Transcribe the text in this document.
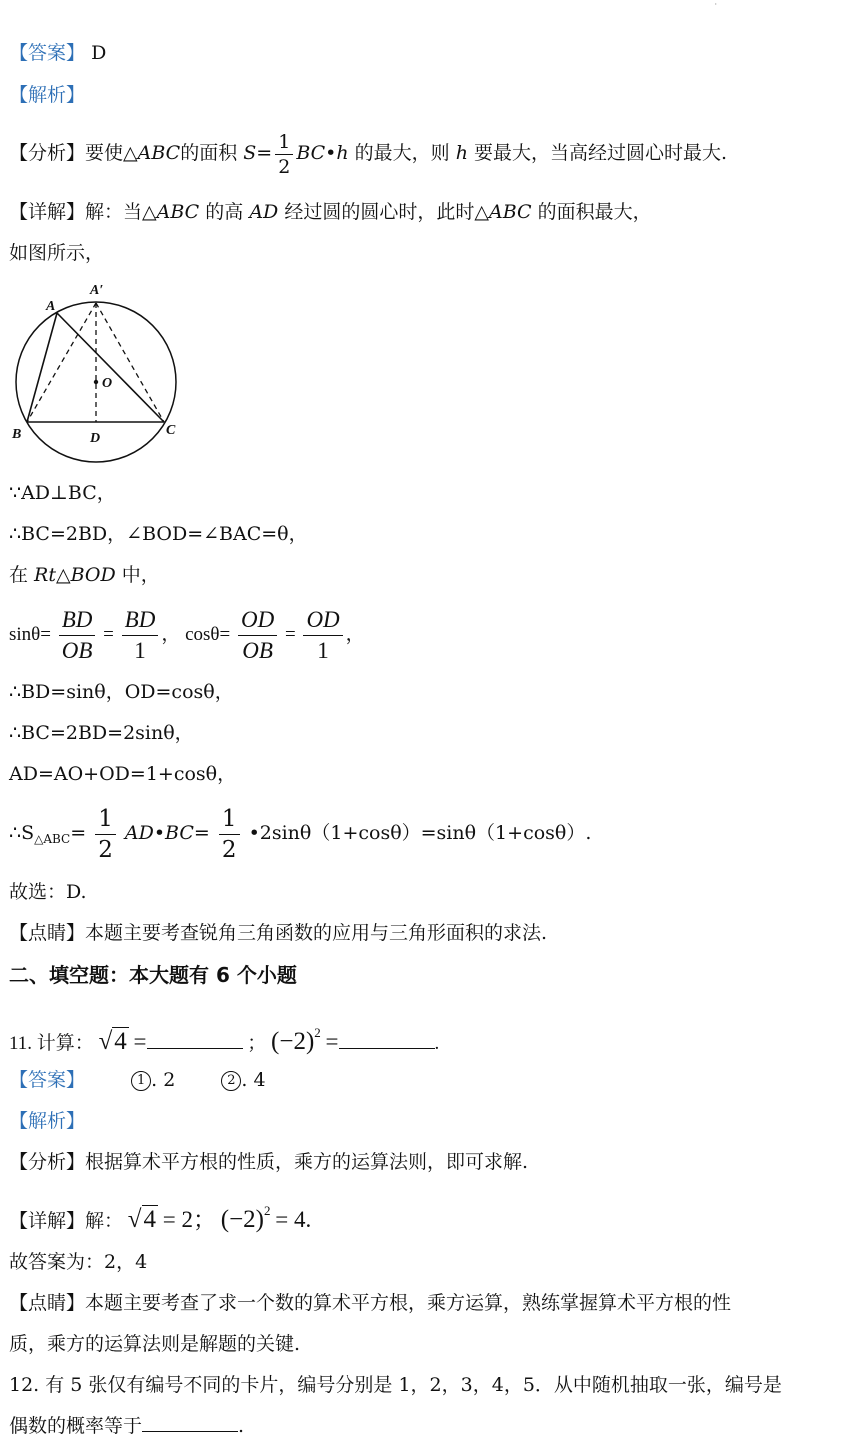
·
【答案】 D
【解析】
【分析】要使△ABC的面积 $S= \frac{1}{2}$ BC•h 的最大，则 h 要最大，当高经过圆心时最大.
【详解】解：当△ABC 的高 AD 经过圆的圆心时，此时△ABC 的面积最大，
如图所示，
A
A′
O
B	D
C
∵AD⊥BC，
∴BC=2BD，∠BOD=∠BAC=θ，
在 Rt△BOD 中，
$\sin\theta= \frac{BD}{OB} = \frac{BD}{1}$ ， $\cos\theta= \frac{OD}{OB} = \frac{OD}{1}$ ，
∴BD=sinθ，OD=cosθ，
∴BC=2BD=2sinθ，
AD=AO+OD=1+cosθ，
$\therefore S_{\triangle ABC}= \frac{1}{2}$ AD•BC= $\frac{1}{2}$ •2sinθ（1+cosθ）=sinθ（1+cosθ）.
故选：D.
【点睛】本题主要考查锐角三角函数的应用与三角形面积的求法.
二、填空题：本大题有 6 个小题
11. 计算： √4 =	； $(-2)^2$ =	.
【答案】	1 . 2	2 . 4
【解析】
【分析】根据算术平方根的性质，乘方的运算法则，即可求解.
【详解】解： √4 = 2； $(-2)^2 = 4$.
故答案为：2，4
【点睛】本题主要考查了求一个数的算术平方根，乘方运算，熟练掌握算术平方根的性
质，乘方的运算法则是解题的关键.
12. 有 5 张仅有编号不同的卡片，编号分别是 1，2，3，4，5．从中随机抽取一张，编号是
偶数的概率等于	.
